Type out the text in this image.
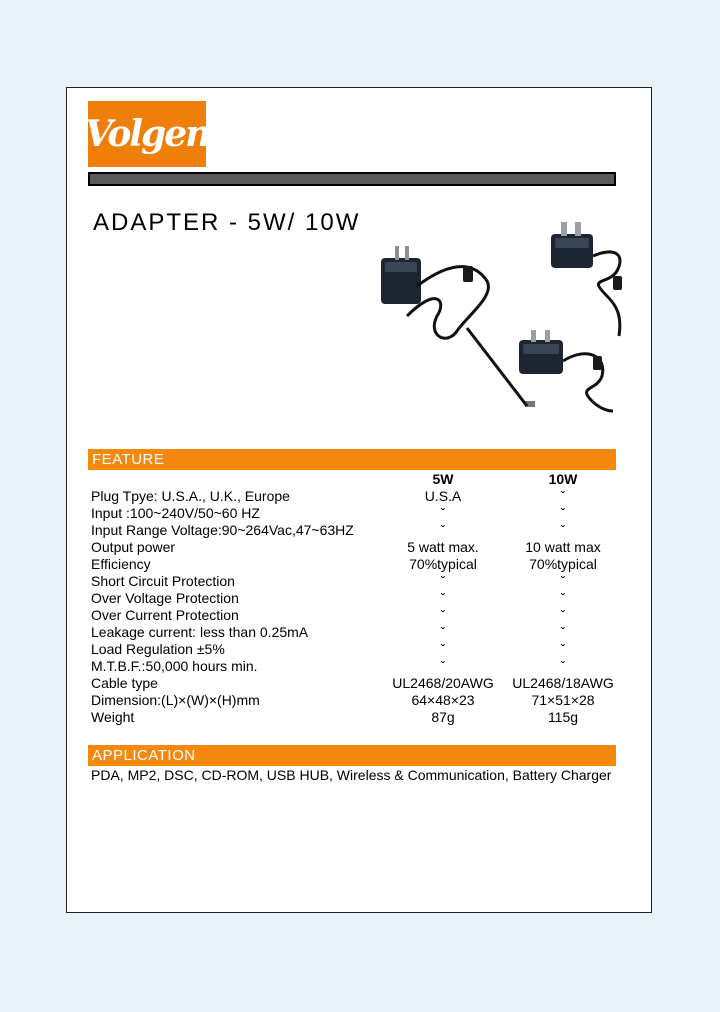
Volgen
ADAPTER - 5W/ 10W
FEATURE
5W	10W
Plug Tpye: U.S.A., U.K., Europe	U.S.A	ˇ
Input :100~240V/50~60 HZ	ˇ	ˇ
Input Range Voltage:90~264Vac,47~63HZ	ˇ	ˇ
Output power	5 watt max.	10 watt max
Efficiency	70%typical	70%typical
Short Circuit Protection	ˇ	ˇ
Over Voltage Protection	ˇ	ˇ
Over Current Protection	ˇ	ˇ
Leakage current: less than 0.25mA	ˇ	ˇ
Load Regulation ±5%	ˇ	ˇ
M.T.B.F.:50,000 hours min.	ˇ	ˇ
Cable type	UL2468/20AWG	UL2468/18AWG
Dimension:(L)×(W)×(H)mm	64×48×23	71×51×28
Weight	87g	115g
APPLICATION
PDA, MP2, DSC, CD-ROM, USB HUB, Wireless & Communication, Battery Charger
